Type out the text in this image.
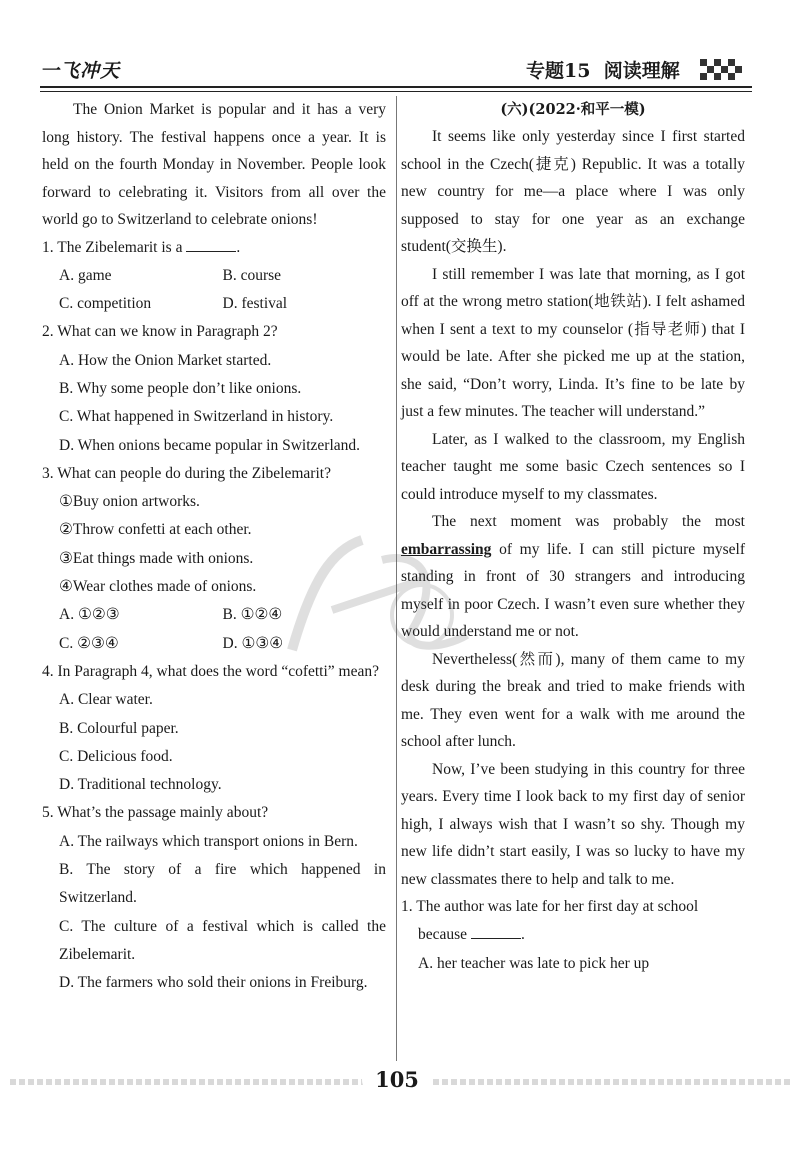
一飞冲天	专题15 阅读理解

The Onion Market is popular and it has a very long history. The festival happens once a year. It is held on the fourth Monday in November. People look forward to celebrating it. Visitors from all over the world go to Switzerland to celebrate onions!

1. The Zibelemarit is a	.
A. game	B. course
C. competition	D. festival
2. What can we know in Paragraph 2?
A. How the Onion Market started.
B. Why some people don’t like onions.
C. What happened in Switzerland in history.
D. When onions became popular in Switzerland.
3. What can people do during the Zibelemarit?
①Buy onion artworks.
②Throw confetti at each other.
③Eat things made with onions.
④Wear clothes made of onions.
A. ①②③	B. ①②④
C. ②③④	D. ①③④
4. In Paragraph 4, what does the word “cofetti” mean?
A. Clear water.
B. Colourful paper.
C. Delicious food.
D. Traditional technology.
5. What’s the passage mainly about?
A. The railways which transport onions in Bern.
B. The story of a fire which happened in Switzerland.
C. The culture of a festival which is called the Zibelemarit.
D. The farmers who sold their onions in Freiburg.
(六)(2022·和平一模)

It seems like only yesterday since I first started school in the Czech(捷克) Republic. It was a totally new country for me—a place where I was only supposed to stay for one year as an exchange student(交换生).

I still remember I was late that morning, as I got off at the wrong metro station(地铁站). I felt ashamed when I sent a text to my counselor (指导老师) that I would be late. After she picked me up at the station, she said, “Don’t worry, Linda. It’s fine to be late by just a few minutes. The teacher will understand.”

Later, as I walked to the classroom, my English teacher taught me some basic Czech sentences so I could introduce myself to my classmates.

The next moment was probably the most embarrassing of my life. I can still picture myself standing in front of 30 strangers and introducing myself in poor Czech. I wasn’t even sure whether they would understand me or not.

Nevertheless(然而), many of them came to my desk during the break and tried to make friends with me. They even went for a walk with me around the school after lunch.

Now, I’ve been studying in this country for three years. Every time I look back to my first day of senior high, I always wish that I wasn’t so shy. Though my new life didn’t start easily, I was so lucky to have my new classmates there to help and talk to me.

1. The author was late for her first day at school
because	.
A. her teacher was late to pick her up
105
